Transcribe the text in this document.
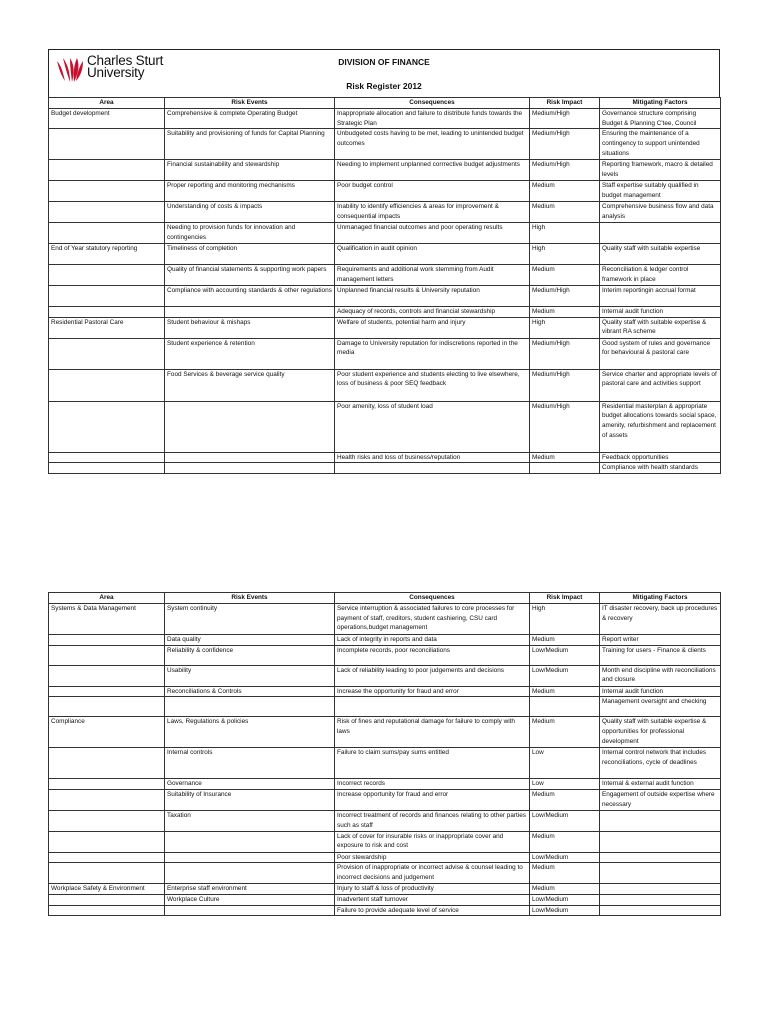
Charles Sturt
University
DIVISION OF FINANCE
Risk Register 2012
Area	Risk Events	Consequences	Risk Impact	Mitigating Factors
Budget development	Comprehensive & complete Operating Budget	Inappropriate allocation and failure to distribute funds towards the Strategic Plan	Medium/High	Governance structure comprising Budget & Planning C'tee, Council
	Suitability and provisioning of funds for Capital Planning	Unbudgeted costs having to be met, leading to unintended budget outcomes	Medium/High	Ensuring the maintenance of a contingency to support unintended situations
	Financial sustainability and stewardship	Needing to implement unplanned corrrective budget adjustments	Medium/High	Reporting framework, macro & detailed levels
	Proper reporting and monitoring mechanisms	Poor budget control	Medium	Staff expertise suitably qualified in budget management
	Understanding of costs & impacts	Inability to identify efficiencies & areas for improvement & consequential impacts	Medium	Comprehensive business flow and data analysis
	Needing to provision funds for innovation and contingencies	Unmanaged financial outcomes and poor operating results	High	
End of Year statutory reporting	Timeliness of completion	Qualification in audit opinion	High	Quality staff with suitable expertise
	Quality of financial statements & supporting work papers	Requirements and additional work stemming from Audit management letters	Medium	Reconciliation & ledger control framework in place
	Compliance with accounting standards & other regulations	Unplanned financial results & University reputation	Medium/High	Interim reportingin accrual format
		Adequacy of records, controls and financial stewardship	Medium	Internal audit function
Residential Pastoral Care	Student behaviour & mishaps	Welfare of students, potential harm and injury	High	Quality staff with suitable expertise & vibrant RA scheme
	Student experience & retention	Damage to University reputation for indiscretions reported in the media	Medium/High	Good system of rules and governance for behavioural & pastoral care
	Food Services & beverage service quality	Poor student experience and students electing to live elsewhere, loss of business & poor SEQ feedback	Medium/High	Service charter and appropriate levels of pastoral care and activities support
		Poor amenity, loss of student load	Medium/High	Residential masterplan & appropriate budget allocations towards social space, amenity, refurbishment and replacement of assets
		Health risks and loss of business/reputation	Medium	Feedback opportunities
				Compliance with health standards
Area	Risk Events	Consequences	Risk Impact	Mitigating Factors
Systems & Data Management	System continuity	Service interruption & associated failures to core processes for payment of staff, creditors, student cashiering, CSU card operations,budget management	High	IT disaster recovery, back up procedures & recovery
	Data quality	Lack of integrity in reports and data	Medium	Report writer
	Reliability & confidence	Incomplete records, poor reconciliations	Low/Medium	Training for users - Finance & clients
	Usability	Lack of reliability leading to poor judgements and decisions	Low/Medium	Month end discipline with reconciliations and closure
	Reconciliations & Controls	Increase the opportunity for fraud and error	Medium	Internal audit function
				Management oversight and checking
Compliance	Laws, Regulations & policies	Risk of fines and reputational damage for failure to comply with laws	Medium	Quality staff with suitable expertise & opportunities for professional development
	Internal controls	Failure to claim sums/pay sums entitled	Low	Internal control network that includes reconciliations, cycle of deadlines
	Governance	Incorrect records	Low	Internal & external audit function
	Suitability of Insurance	Increase opportunity for fraud and error	Medium	Engagement of outside expertise where necessary
	Taxation	Incorrect treatment of records and finances relating to other parties such as staff	Low/Medium	
		Lack of cover for insurable risks or inappropriate cover and exposure to risk and cost	Medium	
		Poor stewardship	Low/Medium	
		Provision of inappropriate or incorrect advise & counsel leading to incorrect decisions and judgement	Medium	
Workplace Safety & Environment	Enterprise staff environment	Injury to staff & loss of productivity	Medium	
	Workplace Culture	Inadvertent staff turnover	Low/Medium	
		Failure to provide adequate level of service	Low/Medium	
